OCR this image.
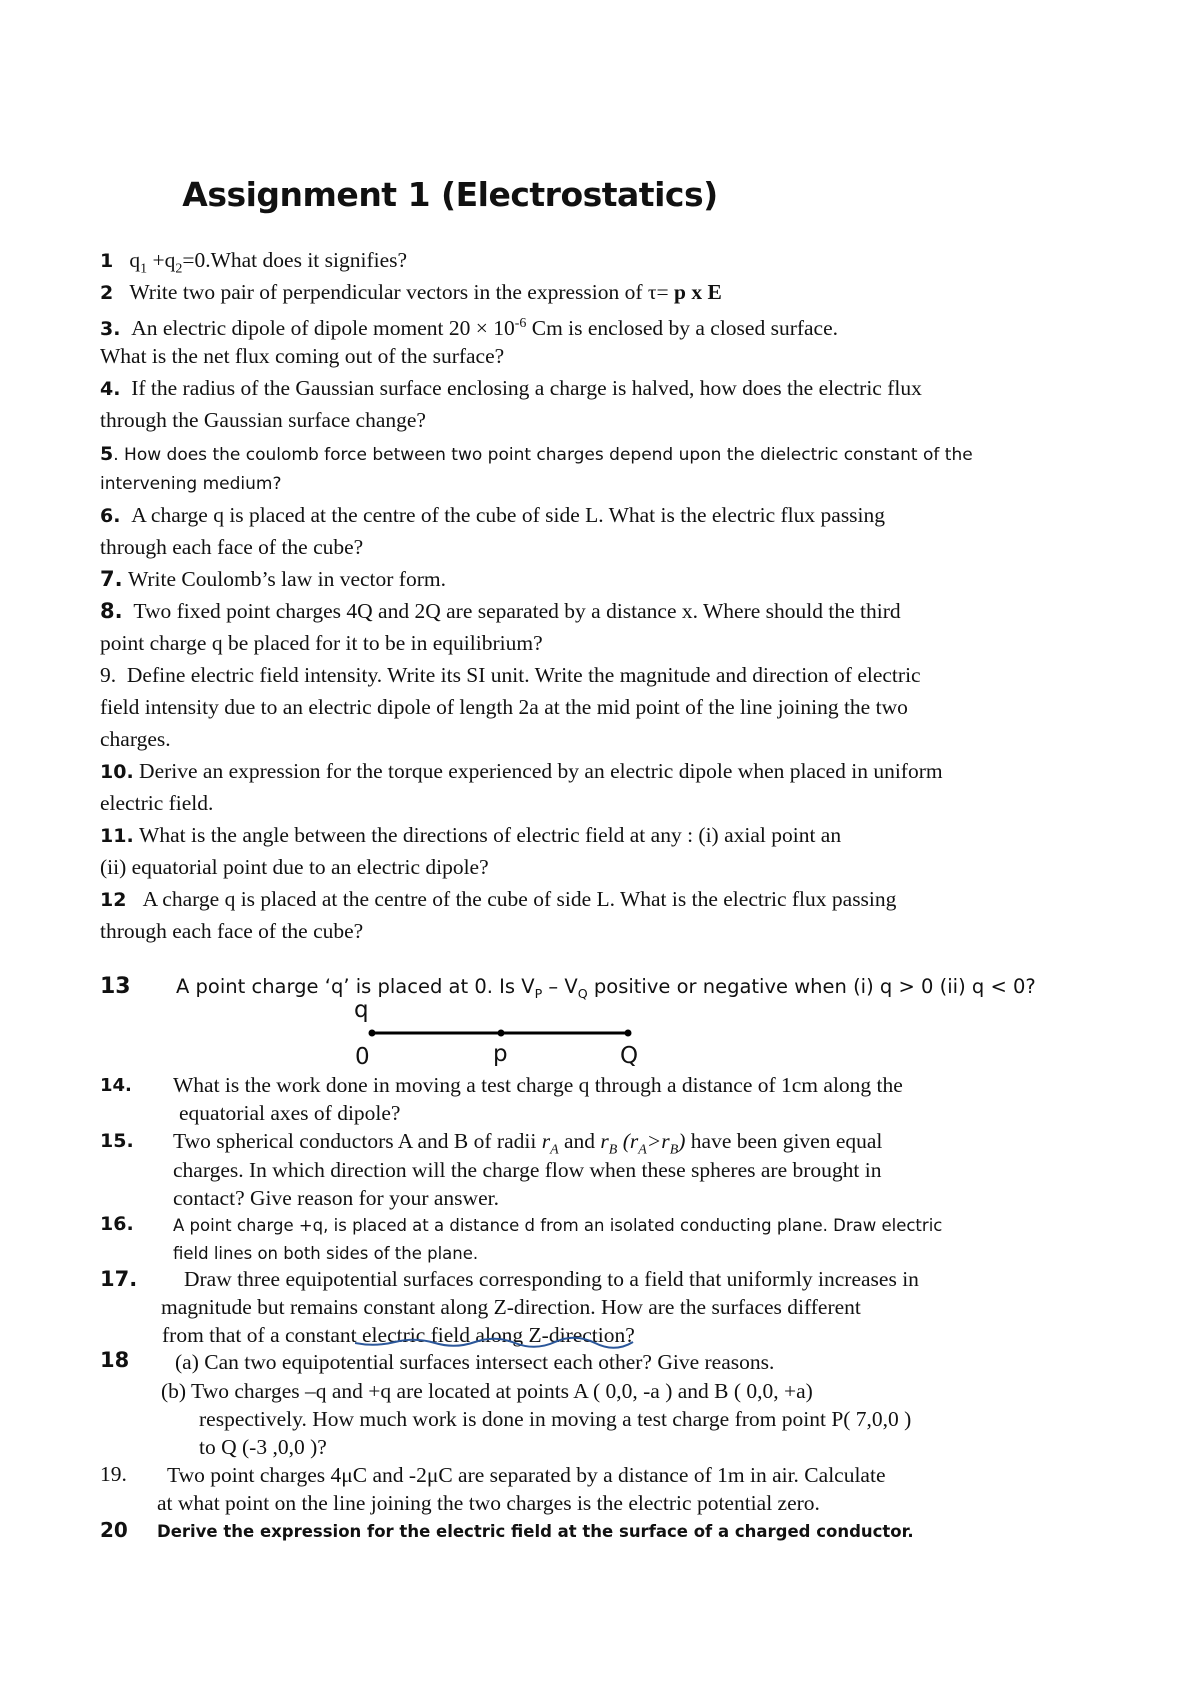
Assignment 1 (Electrostatics)
1 $q_1$ $+q_2=0.What$ does it signifies?
2 Write two pair of perpendicular vectors in the expression of τ= p x E
3. An electric dipole of dipole moment $20 \times 10^{-6}$ Cm is enclosed by a closed surface.
What is the net flux coming out of the surface?
4. If the radius of the Gaussian surface enclosing a charge is halved, how does the electric flux
through the Gaussian surface change?
5. How does the coulomb force between two point charges depend upon the dielectric constant of the
intervening medium?
6. A charge q is placed at the centre of the cube of side L. What is the electric flux passing
through each face of the cube?
7. Write Coulomb’s law in vector form.
8. Two fixed point charges 4Q and 2Q are separated by a distance x. Where should the third
point charge q be placed for it to be in equilibrium?
9. Define electric field intensity. Write its SI unit. Write the magnitude and direction of electric
field intensity due to an electric dipole of length 2a at the mid point of the line joining the two
charges.
10. Derive an expression for the torque experienced by an electric dipole when placed in uniform
electric field.
11. What is the angle between the directions of electric field at any : (i) axial point an
(ii) equatorial point due to an electric dipole?
12 A charge q is placed at the centre of the cube of side L. What is the electric flux passing
through each face of the cube?
13 A point charge ‘q’ is placed at 0. Is $V_P - V_Q$ positive or negative when (i) q > 0 (ii) q < 0?
q
0	p	Q
14. What is the work done in moving a test charge q through a distance of 1cm along the
equatorial axes of dipole?
15. Two spherical conductors A and B of radii $r_A$ and $r_B$ $(r_A>r_B)$ have been given equal
charges. In which direction will the charge flow when these spheres are brought in
contact? Give reason for your answer.
16. A point charge +q, is placed at a distance d from an isolated conducting plane. Draw electric
field lines on both sides of the plane.
17. Draw three equipotential surfaces corresponding to a field that uniformly increases in
magnitude but remains constant along Z-direction. How are the surfaces different
from that of a constant electric field along Z-direction?
18 (a) Can two equipotential surfaces intersect each other? Give reasons.
(b) Two charges –q and +q are located at points A ( 0,0, -a ) and B ( 0,0, +a)
respectively. How much work is done in moving a test charge from point P( 7,0,0 )
to Q (-3 ,0,0 )?
19. Two point charges 4μC and -2μC are separated by a distance of 1m in air. Calculate
at what point on the line joining the two charges is the electric potential zero.
20 Derive the expression for the electric field at the surface of a charged conductor.
